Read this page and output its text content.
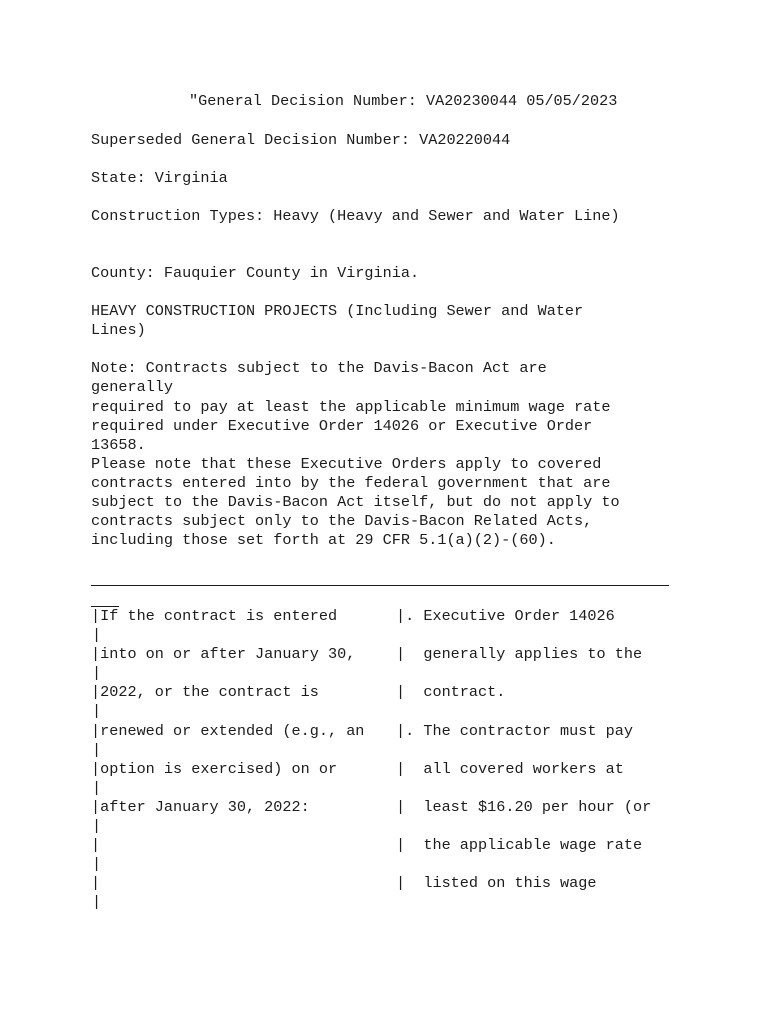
"General Decision Number: VA20230044 05/05/2023
Superseded General Decision Number: VA20220044
State: Virginia
Construction Types: Heavy (Heavy and Sewer and Water Line)
County: Fauquier County in Virginia.
HEAVY CONSTRUCTION PROJECTS (Including Sewer and Water
Lines)
Note: Contracts subject to the Davis-Bacon Act are
generally
required to pay at least the applicable minimum wage rate
required under Executive Order 14026 or Executive Order
13658.
Please note that these Executive Orders apply to covered
contracts entered into by the federal government that are
subject to the Davis-Bacon Act itself, but do not apply to
contracts subject only to the Davis-Bacon Related Acts,
including those set forth at 29 CFR 5.1(a)(2)-(60).
|If the contract is entered	|. Executive Order 14026
|
|into on or after January 30,	|  generally applies to the
|
|2022, or the contract is	|  contract.
|
|renewed or extended (e.g., an |. The contractor must pay
|
|option is exercised) on or	|  all covered workers at
|
|after January 30, 2022:	|  least $16.20 per hour (or
|
|	|  the applicable wage rate
|
|	|  listed on this wage
|
